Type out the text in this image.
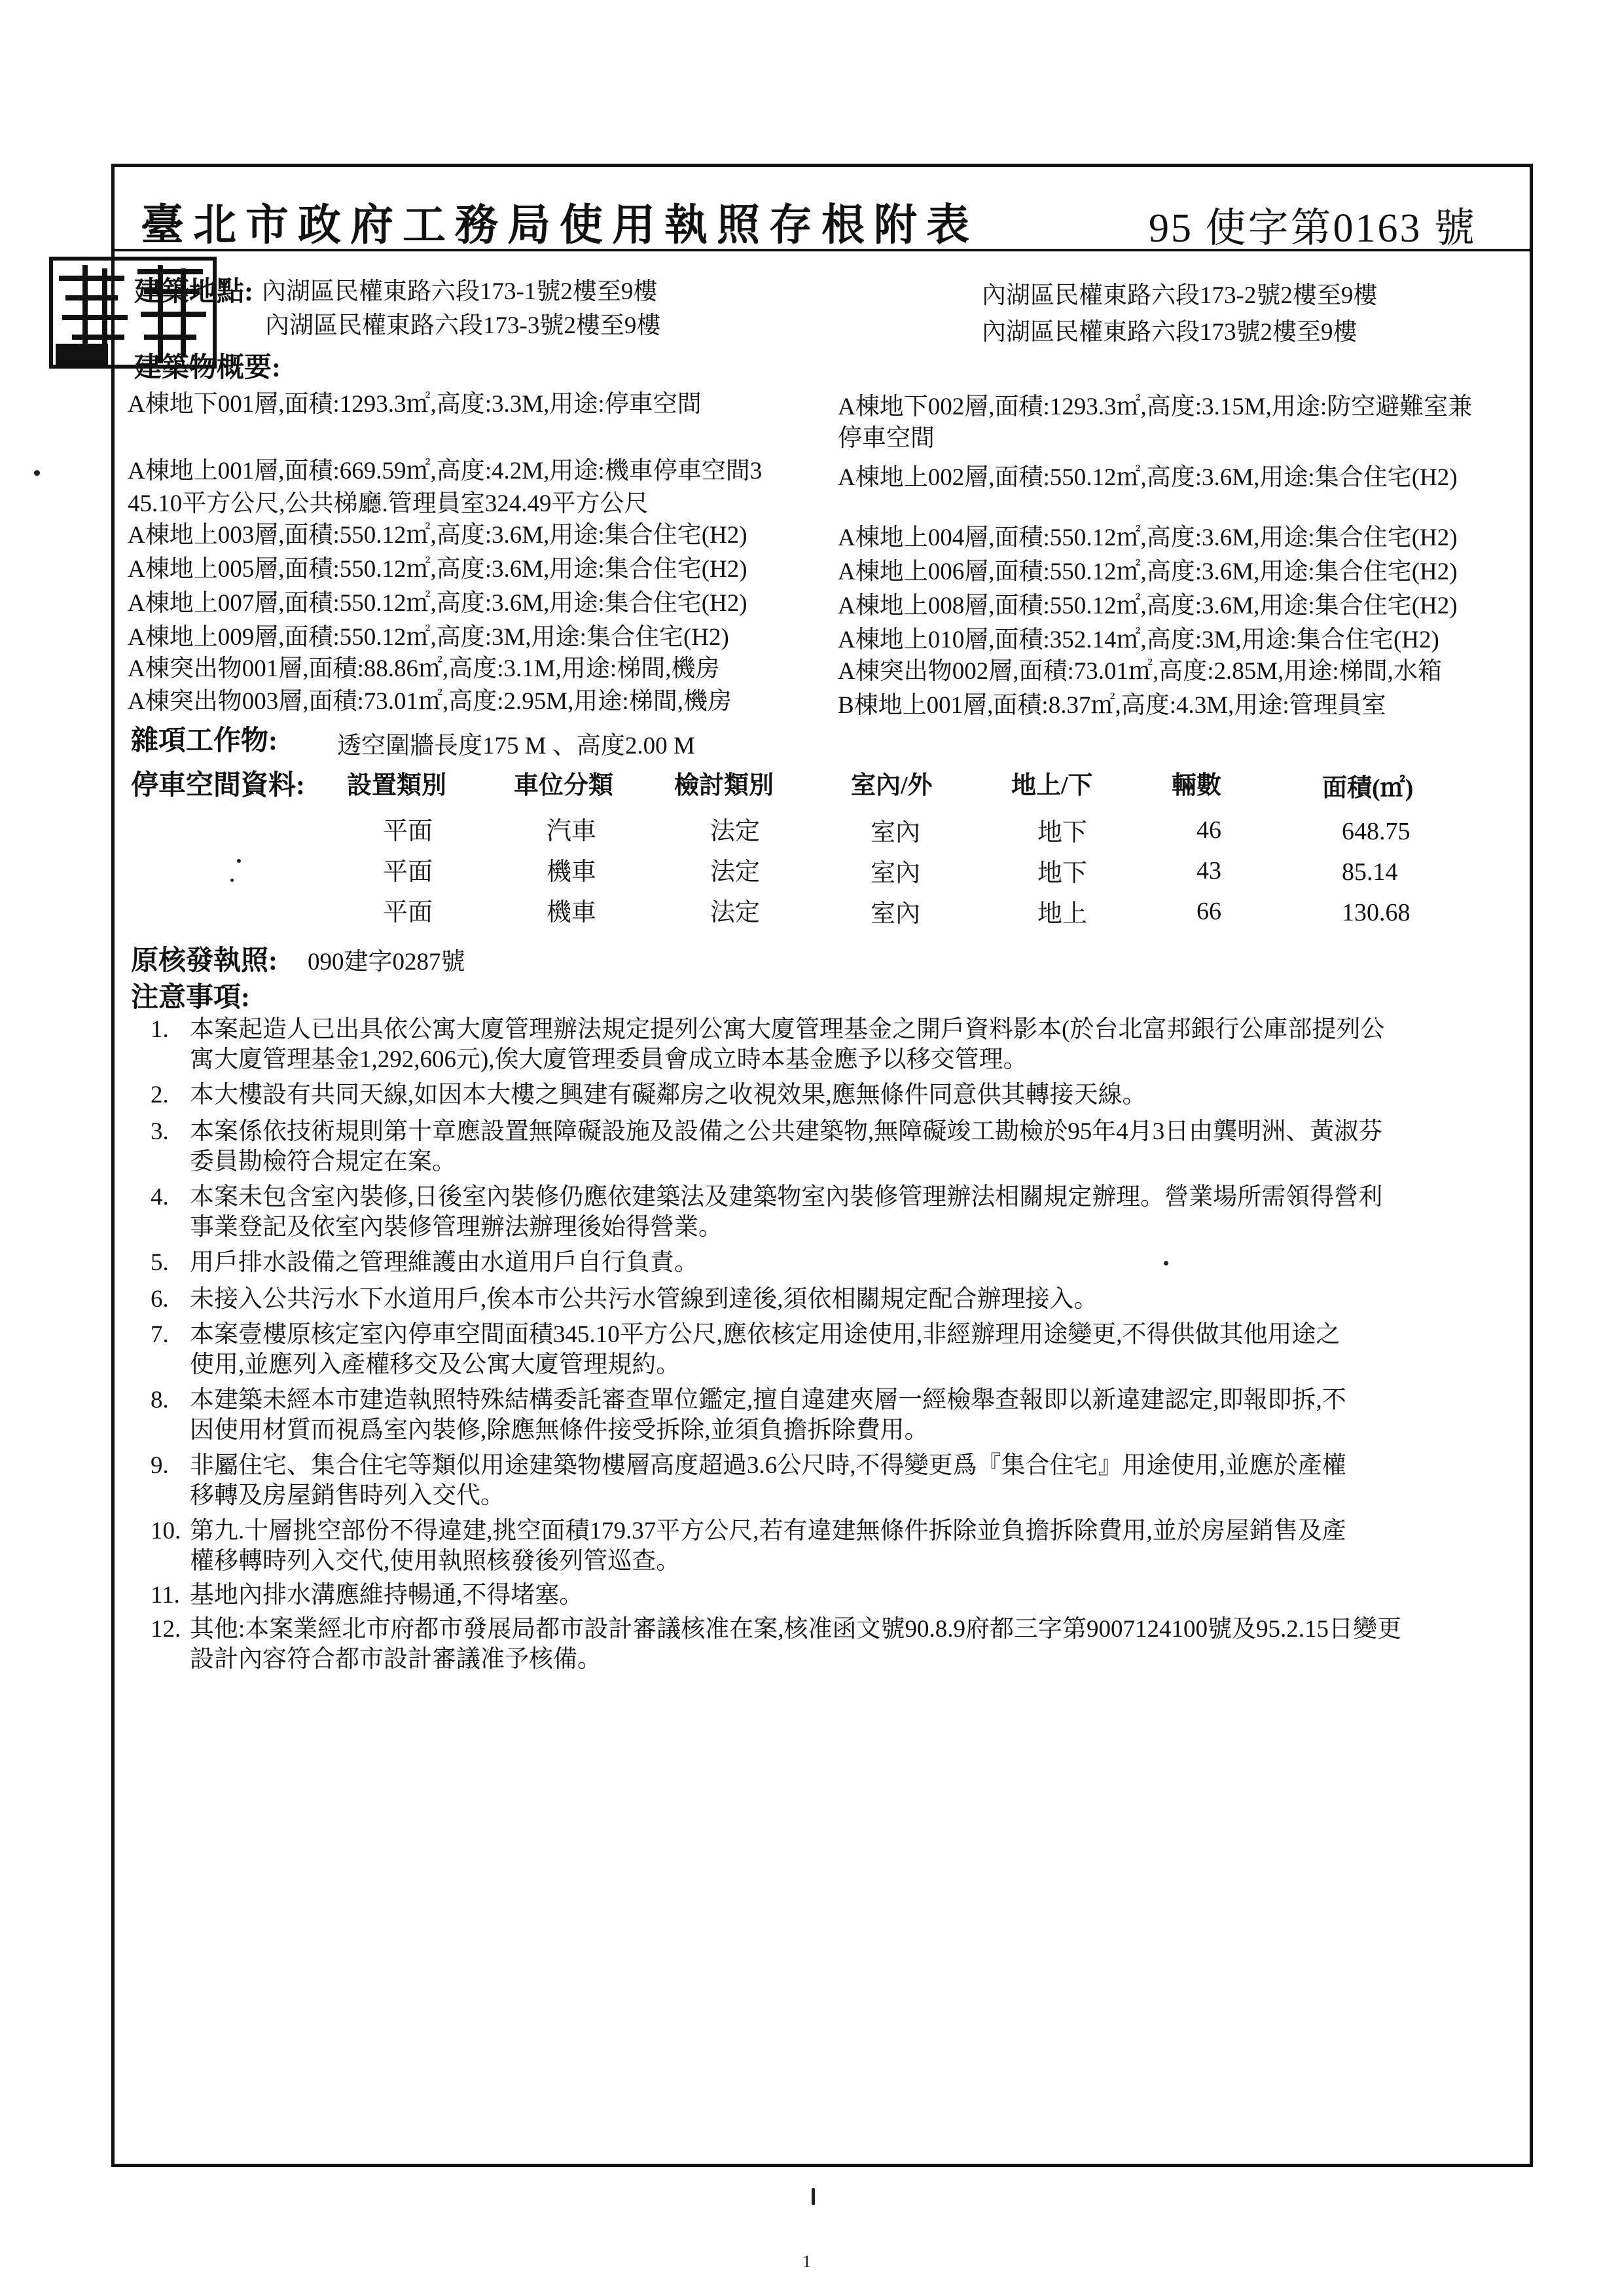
臺北市政府工務局使用執照存根附表	95 使字第0163 號
建築地點: 內湖區民權東路六段173-1號2樓至9樓	內湖區民權東路六段173-2號2樓至9樓
內湖區民權東路六段173-3號2樓至9樓	內湖區民權東路六段173號2樓至9樓
建築物概要:
A棟地下001層,面積:1293.3㎡,高度:3.3M,用途:停車空間
A棟地上001層,面積:669.59㎡,高度:4.2M,用途:機車停車空間3
45.10平方公尺,公共梯廳.管理員室324.49平方公尺
A棟地上003層,面積:550.12㎡,高度:3.6M,用途:集合住宅(H2)
A棟地上005層,面積:550.12㎡,高度:3.6M,用途:集合住宅(H2)
A棟地上007層,面積:550.12㎡,高度:3.6M,用途:集合住宅(H2)
A棟地上009層,面積:550.12㎡,高度:3M,用途:集合住宅(H2)
A棟突出物001層,面積:88.86㎡,高度:3.1M,用途:梯間,機房
A棟突出物003層,面積:73.01㎡,高度:2.95M,用途:梯間,機房
A棟地下002層,面積:1293.3㎡,高度:3.15M,用途:防空避難室兼
停車空間
A棟地上002層,面積:550.12㎡,高度:3.6M,用途:集合住宅(H2)
A棟地上004層,面積:550.12㎡,高度:3.6M,用途:集合住宅(H2)
A棟地上006層,面積:550.12㎡,高度:3.6M,用途:集合住宅(H2)
A棟地上008層,面積:550.12㎡,高度:3.6M,用途:集合住宅(H2)
A棟地上010層,面積:352.14㎡,高度:3M,用途:集合住宅(H2)
A棟突出物002層,面積:73.01㎡,高度:2.85M,用途:梯間,水箱
B棟地上001層,面積:8.37㎡,高度:4.3M,用途:管理員室
雜項工作物: 透空圍牆長度175 M 、高度2.00 M
停車空間資料: 設置類別	車位分類 檢討類別	室內/外	地上/下	輛數	面積(㎡)
平面	汽車	法定	室內	地下	46	648.75
平面	機車	法定	室內	地下	43	85.14
平面	機車	法定	室內	地上	66	130.68
原核發執照: 090建字0287號
注意事項:
1. 本案起造人已出具依公寓大廈管理辦法規定提列公寓大廈管理基金之開戶資料影本(於台北富邦銀行公庫部提列公
寓大廈管理基金1,292,606元),俟大廈管理委員會成立時本基金應予以移交管理。
2. 本大樓設有共同天線,如因本大樓之興建有礙鄰房之收視效果,應無條件同意供其轉接天線。
3. 本案係依技術規則第十章應設置無障礙設施及設備之公共建築物,無障礙竣工勘檢於95年4月3日由龔明洲、黃淑芬
委員勘檢符合規定在案。
4. 本案未包含室內裝修,日後室內裝修仍應依建築法及建築物室內裝修管理辦法相關規定辦理。營業場所需領得營利
事業登記及依室內裝修管理辦法辦理後始得營業。
5. 用戶排水設備之管理維護由水道用戶自行負責。
6. 未接入公共污水下水道用戶,俟本市公共污水管線到達後,須依相關規定配合辦理接入。
7. 本案壹樓原核定室內停車空間面積345.10平方公尺,應依核定用途使用,非經辦理用途變更,不得供做其他用途之
使用,並應列入產權移交及公寓大廈管理規約。
8. 本建築未經本市建造執照特殊結構委託審查單位鑑定,擅自違建夾層一經檢舉查報即以新違建認定,即報即拆,不
因使用材質而視爲室內裝修,除應無條件接受拆除,並須負擔拆除費用。
9. 非屬住宅、集合住宅等類似用途建築物樓層高度超過3.6公尺時,不得變更爲『集合住宅』用途使用,並應於產權
移轉及房屋銷售時列入交代。
10. 第九.十層挑空部份不得違建,挑空面積179.37平方公尺,若有違建無條件拆除並負擔拆除費用,並於房屋銷售及產
權移轉時列入交代,使用執照核發後列管巡查。
11. 基地內排水溝應維持暢通,不得堵塞。
12. 其他:本案業經北市府都市發展局都市設計審議核准在案,核准函文號90.8.9府都三字第9007124100號及95.2.15日變更
設計內容符合都市設計審議准予核備。
1
